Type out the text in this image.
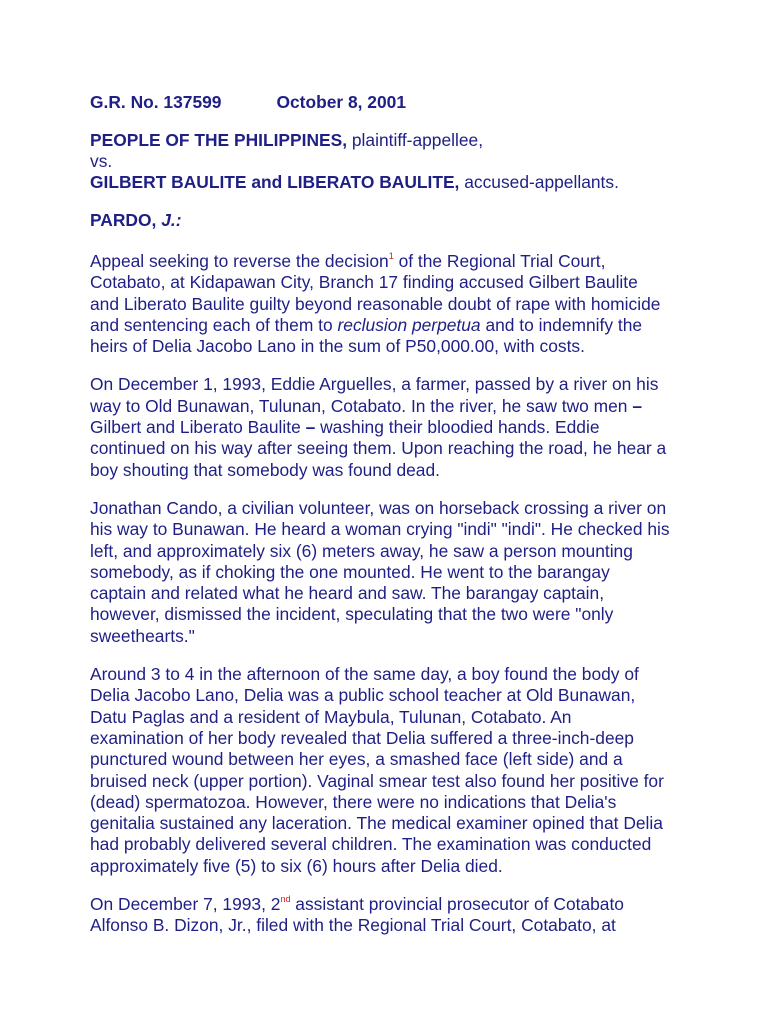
G.R. No. 137599	October 8, 2001
PEOPLE OF THE PHILIPPINES, plaintiff-appellee,
vs.
GILBERT BAULITE and LIBERATO BAULITE, accused-appellants.
PARDO, J.:

Appeal seeking to reverse the decision$^1$ of the Regional Trial Court,
Cotabato, at Kidapawan City, Branch 17 finding accused Gilbert Baulite
and Liberato Baulite guilty beyond reasonable doubt of rape with homicide
and sentencing each of them to reclusion perpetua and to indemnify the
heirs of Delia Jacobo Lano in the sum of P50,000.00, with costs.

On December 1, 1993, Eddie Arguelles, a farmer, passed by a river on his
way to Old Bunawan, Tulunan, Cotabato. In the river, he saw two men –
Gilbert and Liberato Baulite – washing their bloodied hands. Eddie
continued on his way after seeing them. Upon reaching the road, he hear a
boy shouting that somebody was found dead.

Jonathan Cando, a civilian volunteer, was on horseback crossing a river on
his way to Bunawan. He heard a woman crying "indi" "indi". He checked his
left, and approximately six (6) meters away, he saw a person mounting
somebody, as if choking the one mounted. He went to the barangay
captain and related what he heard and saw. The barangay captain,
however, dismissed the incident, speculating that the two were "only
sweethearts."

Around 3 to 4 in the afternoon of the same day, a boy found the body of
Delia Jacobo Lano, Delia was a public school teacher at Old Bunawan,
Datu Paglas and a resident of Maybula, Tulunan, Cotabato. An
examination of her body revealed that Delia suffered a three-inch-deep
punctured wound between her eyes, a smashed face (left side) and a
bruised neck (upper portion). Vaginal smear test also found her positive for
(dead) spermatozoa. However, there were no indications that Delia's
genitalia sustained any laceration. The medical examiner opined that Delia
had probably delivered several children. The examination was conducted
approximately five (5) to six (6) hours after Delia died.

On December 7, 1993, 2nd assistant provincial prosecutor of Cotabato
Alfonso B. Dizon, Jr., filed with the Regional Trial Court, Cotabato, at
